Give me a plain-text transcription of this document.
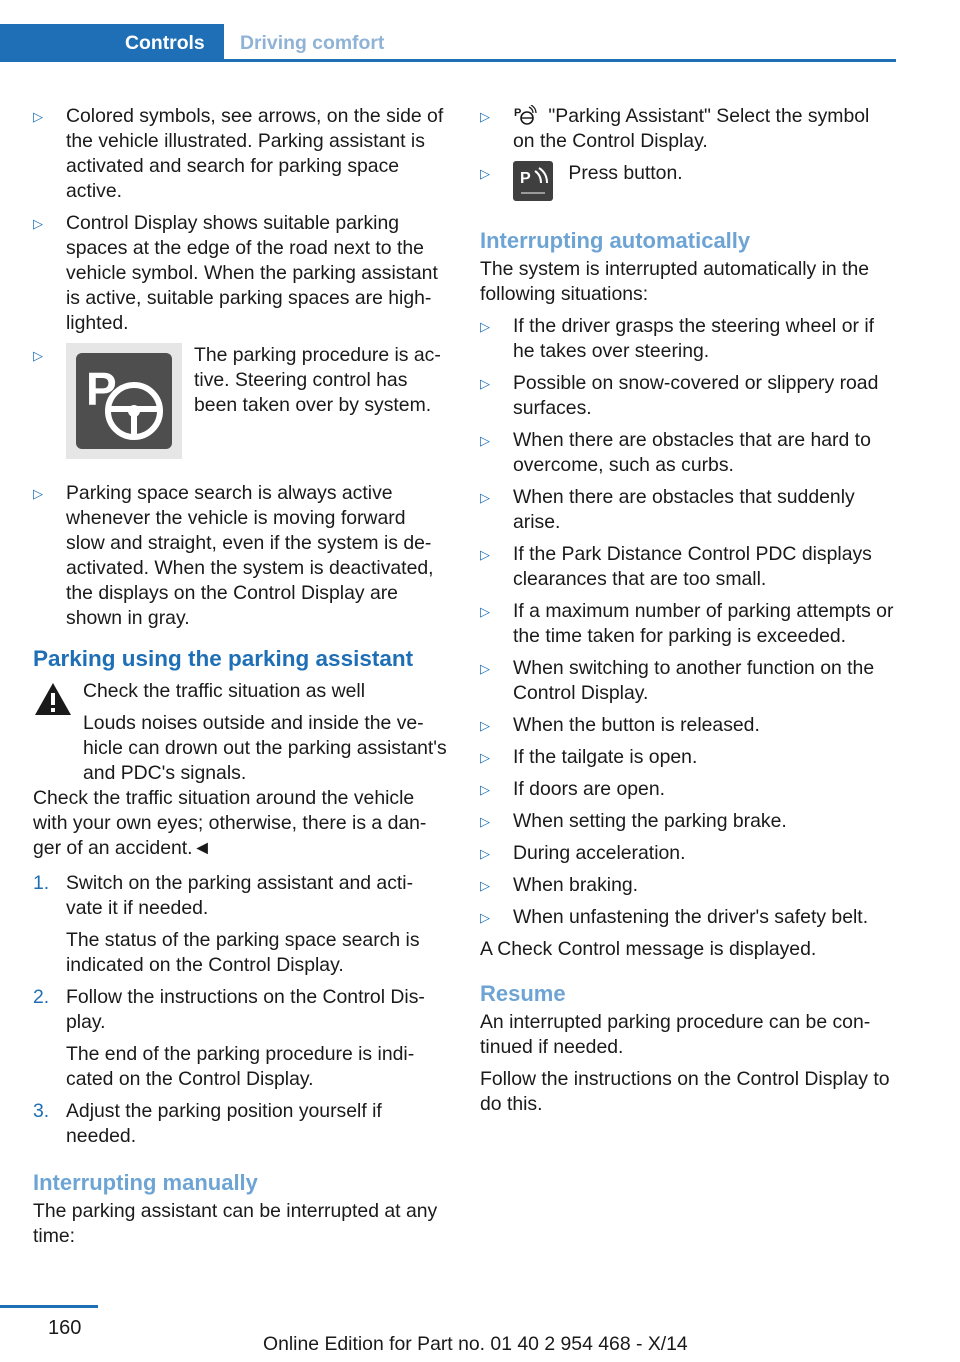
Controls	Driving comfort
▷ Colored symbols, see arrows, on the side of the vehicle illustrated. Parking assistant is activated and search for parking space active.
▷ Control Display shows suitable parking spaces at the edge of the road next to the vehicle symbol. When the parking assistant is active, suitable parking spaces are high‐lighted.
▷
P
The parking procedure is ac‐tive. Steering control has been taken over by system.
▷ Parking space search is always active whenever the vehicle is moving forward slow and straight, even if the system is de‐activated. When the system is deactivated, the displays on the Control Display are shown in gray.
Parking using the parking assistant
Check the traffic situation as well
Louds noises outside and inside the ve‐hicle can drown out the parking assistant's and PDC's signals.
Check the traffic situation around the vehicle with your own eyes; otherwise, there is a dan‐ger of an accident.◄
1. Switch on the parking assistant and acti‐vate it if needed.

The status of the parking space search is indicated on the Control Display.

2. Follow the instructions on the Control Dis‐play.

The end of the parking procedure is indi‐cated on the Control Display.

3. Adjust the parking position yourself if needed.

Interrupting manually
The parking assistant can be interrupted at any time:
▷ P "Parking Assistant" Select the symbol on the Control Display.
▷ P Press button.
Interrupting automatically
The system is interrupted automatically in the following situations:
▷ If the driver grasps the steering wheel or if he takes over steering.
▷ Possible on snow-covered or slippery road surfaces.
▷ When there are obstacles that are hard to overcome, such as curbs.
▷ When there are obstacles that suddenly arise.
▷ If the Park Distance Control PDC displays clearances that are too small.
▷ If a maximum number of parking attempts or the time taken for parking is exceeded.
▷ When switching to another function on the Control Display.
▷ When the button is released.
▷ If the tailgate is open.
▷ If doors are open.
▷ When setting the parking brake.
▷ During acceleration.
▷ When braking.
▷ When unfastening the driver's safety belt.
A Check Control message is displayed.
Resume
An interrupted parking procedure can be con‐tinued if needed.
Follow the instructions on the Control Display to do this.
160
Online Edition for Part no. 01 40 2 954 468 - X/14
